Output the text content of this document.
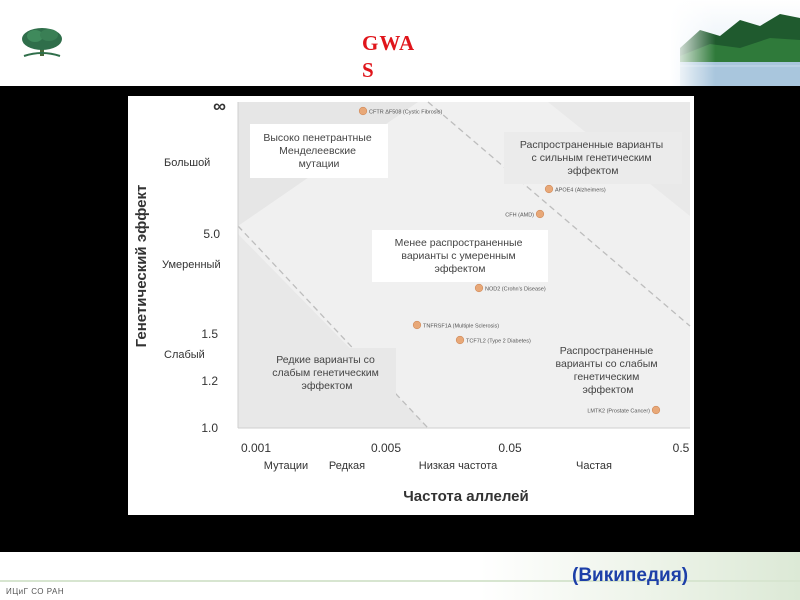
GWA
S
Генетический эффект
Большой
Умеренный
Слабый
∞
5.0
1.5
1.2
1.0
0.001	0.005	0.05	0.5
Мутации Редкая	Низкая частота	Частая
Частота аллелей
Высоко пенетрантные Менделеевские мутации
Распространенные варианты с сильным генетическим эффектом
Менее распространенные варианты с умеренным эффектом
Редкие варианты со слабым генетическим эффектом
Распространенные варианты со слабым генетическим эффектом
CFTR ΔF508 (Cystic Fibrosis)
APOE4 (Alzheimers)
CFH (AMD)
NOD2 (Crohn's Disease)
TNFRSF1A (Multiple Sclerosis)
TCF7L2 (Type 2 Diabetes)
LMTK2 (Prostate Cancer)
(Википедия)
ИЦиГ СО РАН
